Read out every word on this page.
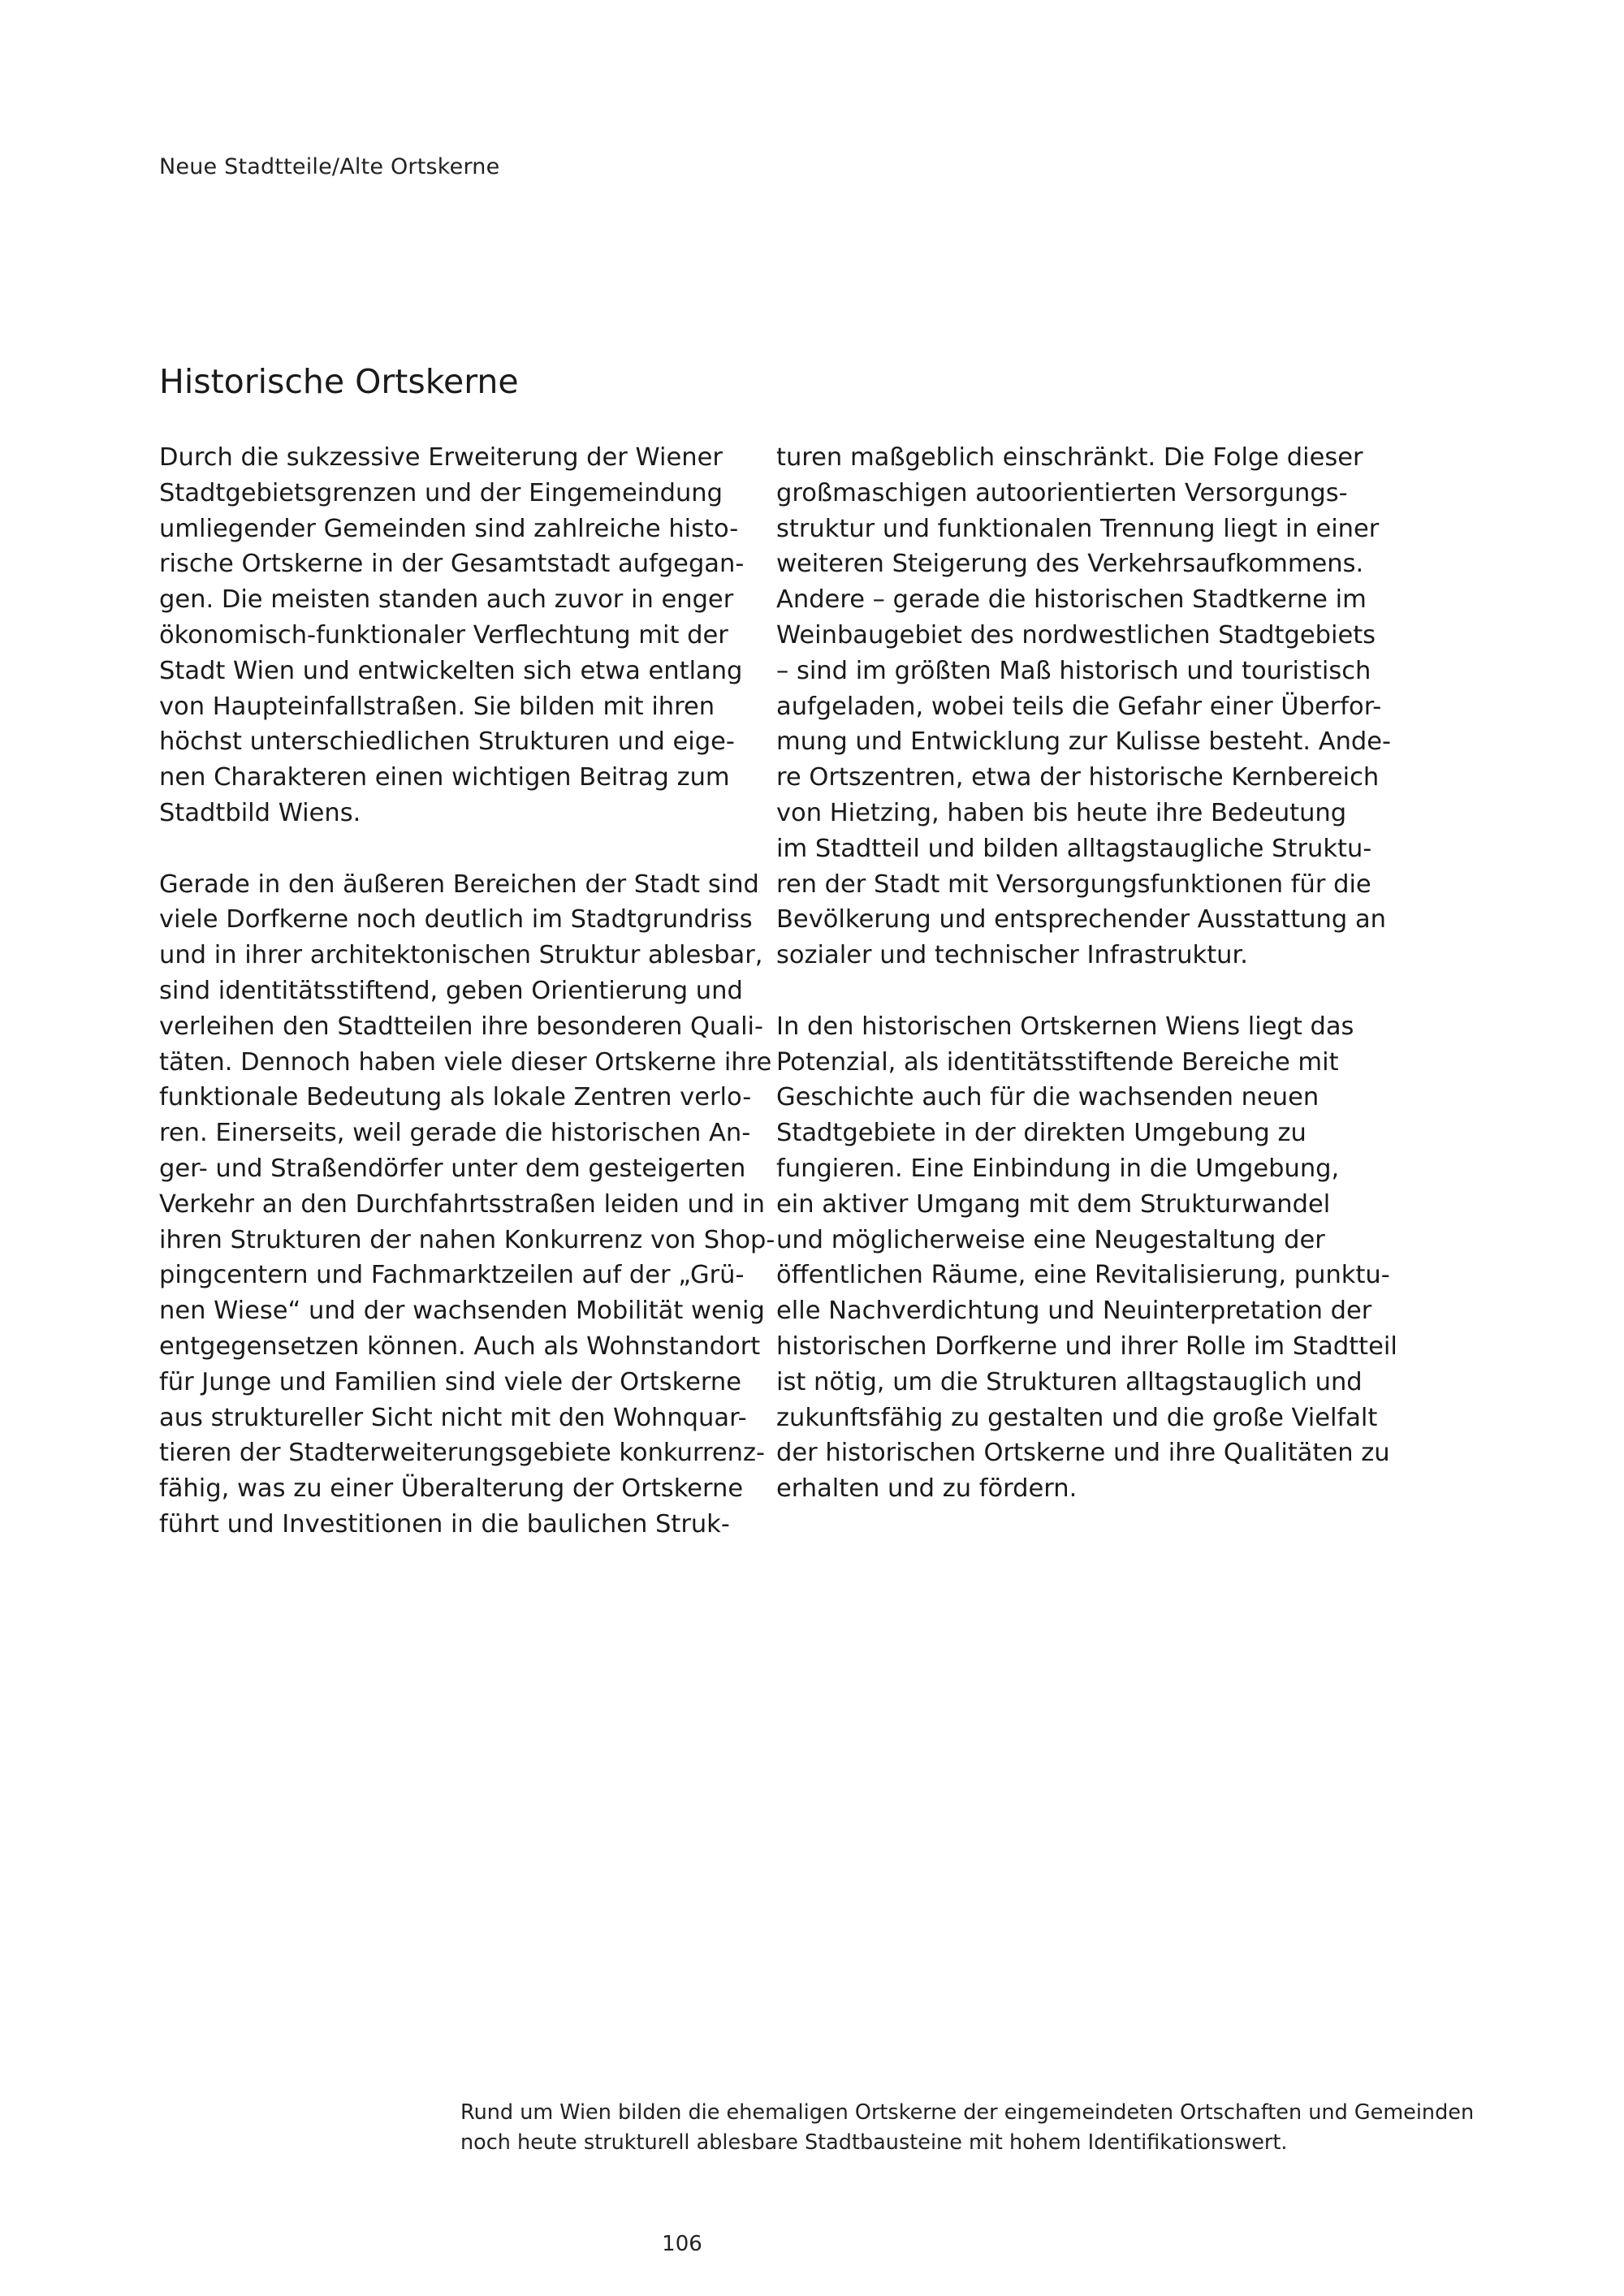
Neue Stadtteile/Alte Ortskerne
Historische Ortskerne

Durch die sukzessive Erweiterung der Wiener
Stadtgebietsgrenzen und der Eingemeindung
umliegender Gemeinden sind zahlreiche histo-
rische Ortskerne in der Gesamtstadt aufgegan-
gen. Die meisten standen auch zuvor in enger
ökonomisch-funktionaler Verflechtung mit der
Stadt Wien und entwickelten sich etwa entlang
von Haupteinfallstraßen. Sie bilden mit ihren
höchst unterschiedlichen Strukturen und eige-
nen Charakteren einen wichtigen Beitrag zum
Stadtbild Wiens.

Gerade in den äußeren Bereichen der Stadt sind
viele Dorfkerne noch deutlich im Stadtgrundriss
und in ihrer architektonischen Struktur ablesbar,
sind identitätsstiftend, geben Orientierung und
verleihen den Stadtteilen ihre besonderen Quali-
täten. Dennoch haben viele dieser Ortskerne ihre
funktionale Bedeutung als lokale Zentren verlo-
ren. Einerseits, weil gerade die historischen An-
ger- und Straßendörfer unter dem gesteigerten
Verkehr an den Durchfahrtsstraßen leiden und in
ihren Strukturen der nahen Konkurrenz von Shop-
pingcentern und Fachmarktzeilen auf der „Grü-
nen Wiese“ und der wachsenden Mobilität wenig
entgegensetzen können. Auch als Wohnstandort
für Junge und Familien sind viele der Ortskerne
aus struktureller Sicht nicht mit den Wohnquar-
tieren der Stadterweiterungsgebiete konkurrenz-
fähig, was zu einer Überalterung der Ortskerne
führt und Investitionen in die baulichen Struk-

turen maßgeblich einschränkt. Die Folge dieser
großmaschigen autoorientierten Versorgungs-
struktur und funktionalen Trennung liegt in einer
weiteren Steigerung des Verkehrsaufkommens.
Andere – gerade die historischen Stadtkerne im
Weinbaugebiet des nordwestlichen Stadtgebiets
– sind im größten Maß historisch und touristisch
aufgeladen, wobei teils die Gefahr einer Überfor-
mung und Entwicklung zur Kulisse besteht. Ande-
re Ortszentren, etwa der historische Kernbereich
von Hietzing, haben bis heute ihre Bedeutung
im Stadtteil und bilden alltagstaugliche Struktu-
ren der Stadt mit Versorgungsfunktionen für die
Bevölkerung und entsprechender Ausstattung an
sozialer und technischer Infrastruktur.

In den historischen Ortskernen Wiens liegt das
Potenzial, als identitätsstiftende Bereiche mit
Geschichte auch für die wachsenden neuen
Stadtgebiete in der direkten Umgebung zu
fungieren. Eine Einbindung in die Umgebung,
ein aktiver Umgang mit dem Strukturwandel
und möglicherweise eine Neugestaltung der
öffentlichen Räume, eine Revitalisierung, punktu-
elle Nachverdichtung und Neuinterpretation der
historischen Dorfkerne und ihrer Rolle im Stadtteil
ist nötig, um die Strukturen alltagstauglich und
zukunftsfähig zu gestalten und die große Vielfalt
der historischen Ortskerne und ihre Qualitäten zu
erhalten und zu fördern.

Rund um Wien bilden die ehemaligen Ortskerne der eingemeindeten Ortschaften und Gemeinden
noch heute strukturell ablesbare Stadtbausteine mit hohem Identifikationswert.
106
